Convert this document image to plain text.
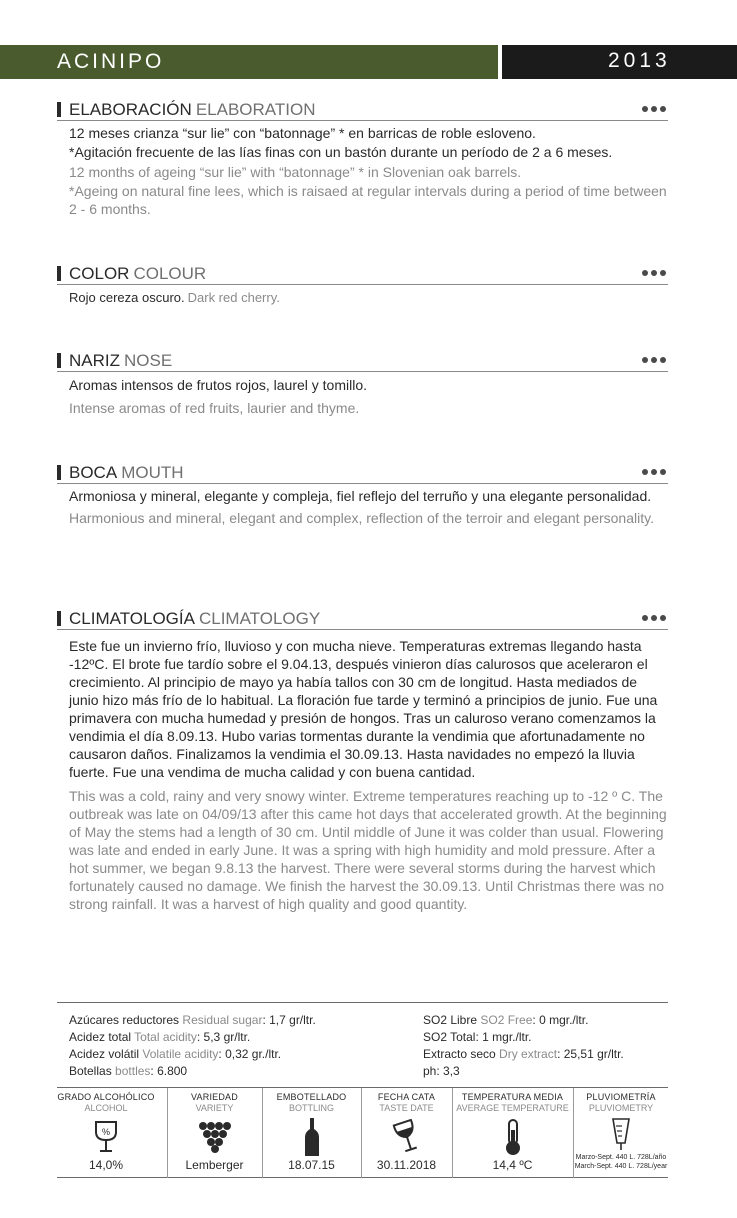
ACINIPO	2013
ELABORACIÓN ELABORATION
12 meses crianza “sur lie” con “batonnage” * en barricas de roble esloveno.
*Agitación frecuente de las lías finas con un bastón durante un período de 2 a 6 meses.
12 months of ageing “sur lie” with “batonnage” * in Slovenian oak barrels.
*Ageing on natural fine lees, which is raisaed at regular intervals during a period of time between 2 - 6 months.
COLOR COLOUR
Rojo cereza oscuro. Dark red cherry.
NARIZ NOSE
Aromas intensos de frutos rojos, laurel y tomillo.
Intense aromas of red fruits, laurier and thyme.
BOCA MOUTH
Armoniosa y mineral, elegante y compleja, fiel reflejo del terruño y una elegante personalidad.
Harmonious and mineral, elegant and complex, reflection of the terroir and elegant personality.
CLIMATOLOGÍA CLIMATOLOGY
Este fue un invierno frío, lluvioso y con mucha nieve. Temperaturas extremas llegando hasta -12ºC. El brote fue tardío sobre el 9.04.13, después vinieron días calurosos que aceleraron el crecimiento. Al principio de mayo ya había tallos con 30 cm de longitud. Hasta mediados de junio hizo más frío de lo habitual. La floración fue tarde y terminó a principios de junio. Fue una primavera con mucha humedad y presión de hongos. Tras un caluroso verano comenzamos la vendimia el día 8.09.13. Hubo varias tormentas durante la vendimia que afortunadamente no causaron daños. Finalizamos la vendimia el 30.09.13. Hasta navidades no empezó la lluvia fuerte. Fue una vendima de mucha calidad y con buena cantidad.
This was a cold, rainy and very snowy winter. Extreme temperatures reaching up to -12 º C. The outbreak was late on 04/09/13 after this came hot days that accelerated growth. At the beginning of May the stems had a length of 30 cm. Until middle of June it was colder than usual. Flowering was late and ended in early June. It was a spring with high humidity and mold pressure. After a hot summer, we began 9.8.13 the harvest. There were several storms during the harvest which fortunately caused no damage. We finish the harvest the 30.09.13. Until Christmas there was no strong rainfall. It was a harvest of high quality and good quantity.
Azúcares reductores Residual sugar: 1,7 gr/ltr.
Acidez total Total acidity: 5,3 gr/ltr.
Acidez volátil Volatile acidity: 0,32 gr./ltr.
Botellas bottles: 6.800
SO2 Libre SO2 Free: 0 mgr./ltr.
SO2 Total: 1 mgr./ltr.
Extracto seco Dry extract: 25,51 gr/ltr.
ph: 3,3
GRADO ALCOHÓLICO
ALCOHOL
%
14,0%
VARIEDAD
VARIETY
Lemberger
EMBOTELLADO
BOTTLING
18.07.15
FECHA CATA
TASTE DATE
30.11.2018
TEMPERATURA MEDIA
AVERAGE TEMPERATURE
14,4 ºC
PLUVIOMETRÍA
PLUVIOMETRY
Marzo-Sept. 440 L. 728L/año
March-Sept. 440 L. 728L/year
